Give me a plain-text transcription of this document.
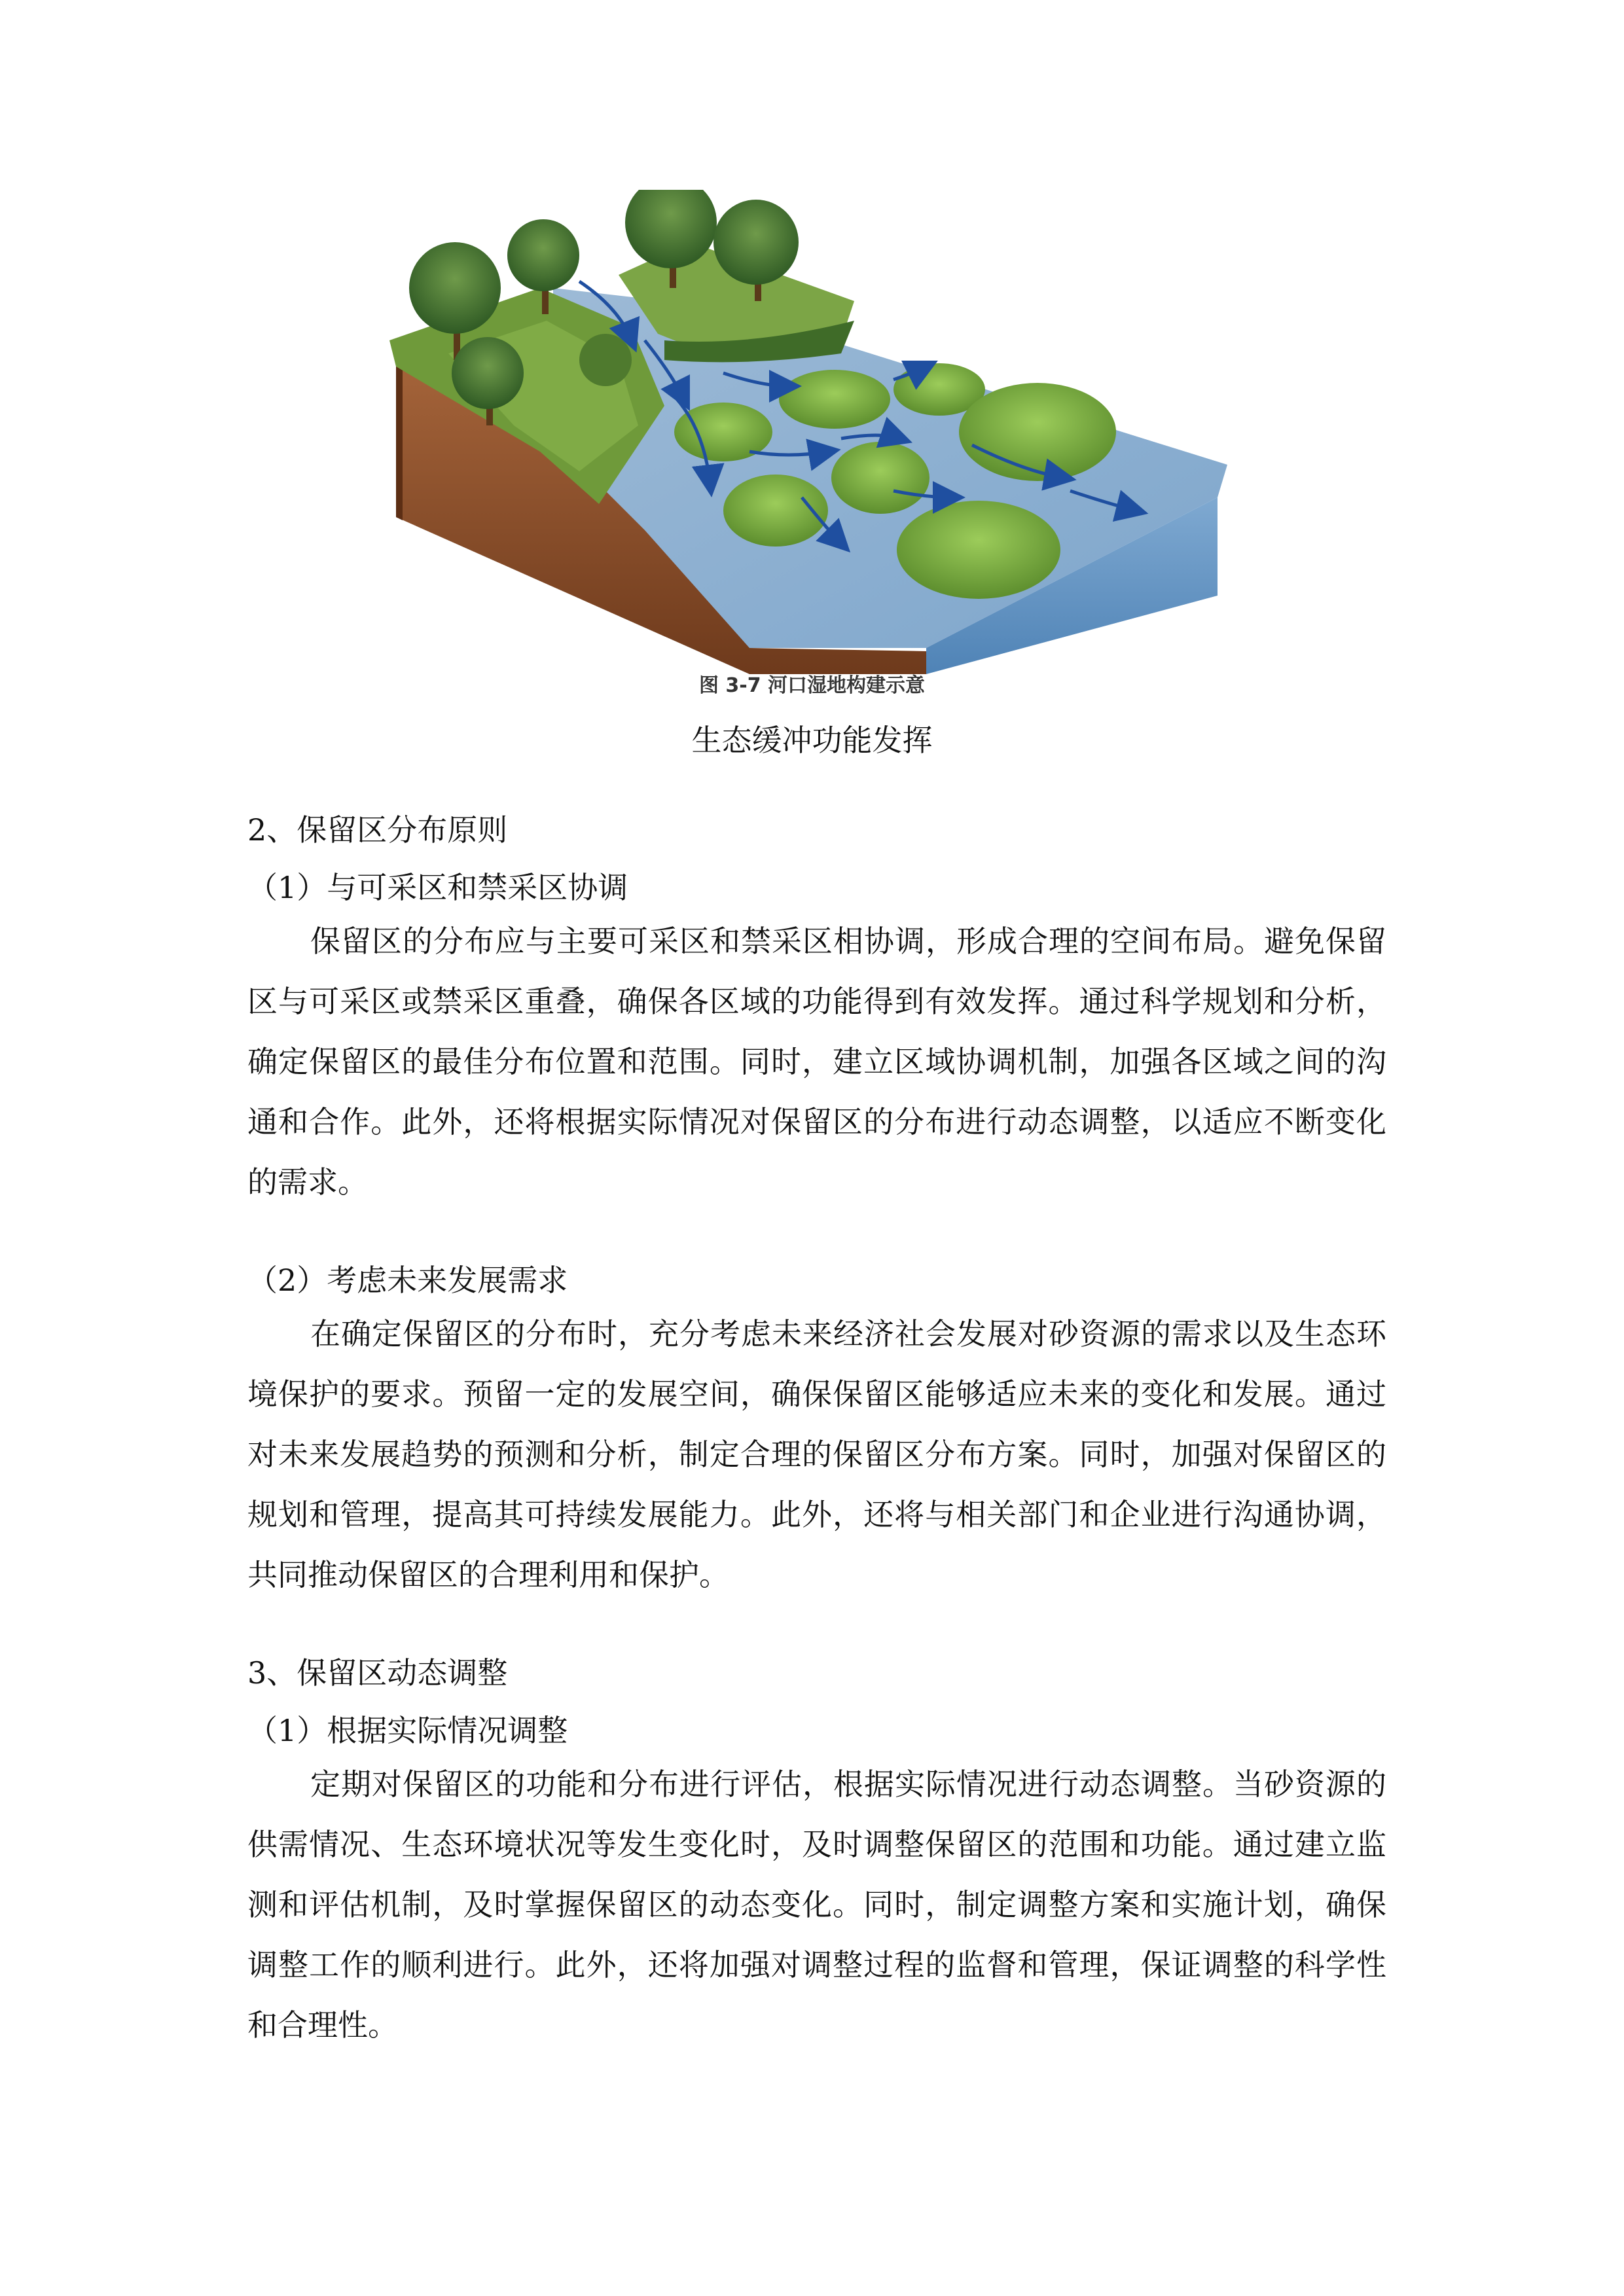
图 3-7 河口湿地构建示意
生态缓冲功能发挥
2、保留区分布原则
（1）与可采区和禁采区协调

保留区的分布应与主要可采区和禁采区相协调，形成合理的空间布局。避免保留区与可采区或禁采区重叠，确保各区域的功能得到有效发挥。通过科学规划和分析，确定保留区的最佳分布位置和范围。同时，建立区域协调机制，加强各区域之间的沟通和合作。此外，还将根据实际情况对保留区的分布进行动态调整，以适应不断变化的需求。

（2）考虑未来发展需求

在确定保留区的分布时，充分考虑未来经济社会发展对砂资源的需求以及生态环境保护的要求。预留一定的发展空间，确保保留区能够适应未来的变化和发展。通过对未来发展趋势的预测和分析，制定合理的保留区分布方案。同时，加强对保留区的规划和管理，提高其可持续发展能力。此外，还将与相关部门和企业进行沟通协调，共同推动保留区的合理利用和保护。

3、保留区动态调整
（1）根据实际情况调整

定期对保留区的功能和分布进行评估，根据实际情况进行动态调整。当砂资源的供需情况、生态环境状况等发生变化时，及时调整保留区的范围和功能。通过建立监测和评估机制，及时掌握保留区的动态变化。同时，制定调整方案和实施计划，确保调整工作的顺利进行。此外，还将加强对调整过程的监督和管理，保证调整的科学性和合理性。
